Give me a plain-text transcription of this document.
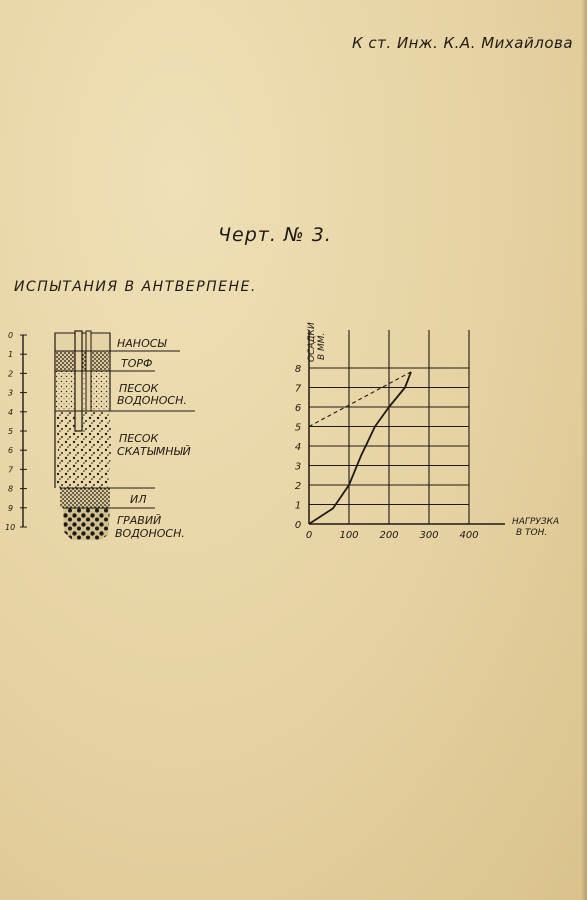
К ст. Инж. К.А. Михайлова
Черт. № 3.
ИСПЫТАНИЯ В АНТВЕРПЕНЕ.
0
1
2
3
4
5
6
7
8
9
10
НАНОСЫ
ТОРФ
ПЕСОК
ВОДОНОСН.
ПЕСОК
СКАТЫМНЫЙ
ИЛ
ГРАВИЙ
ВОДОНОСН.	0	100 200 300 400
0
1
2
3
4
5
6
7
8
ОСАДКИ В ММ.
НАГРУЗКА
В ТОН.
